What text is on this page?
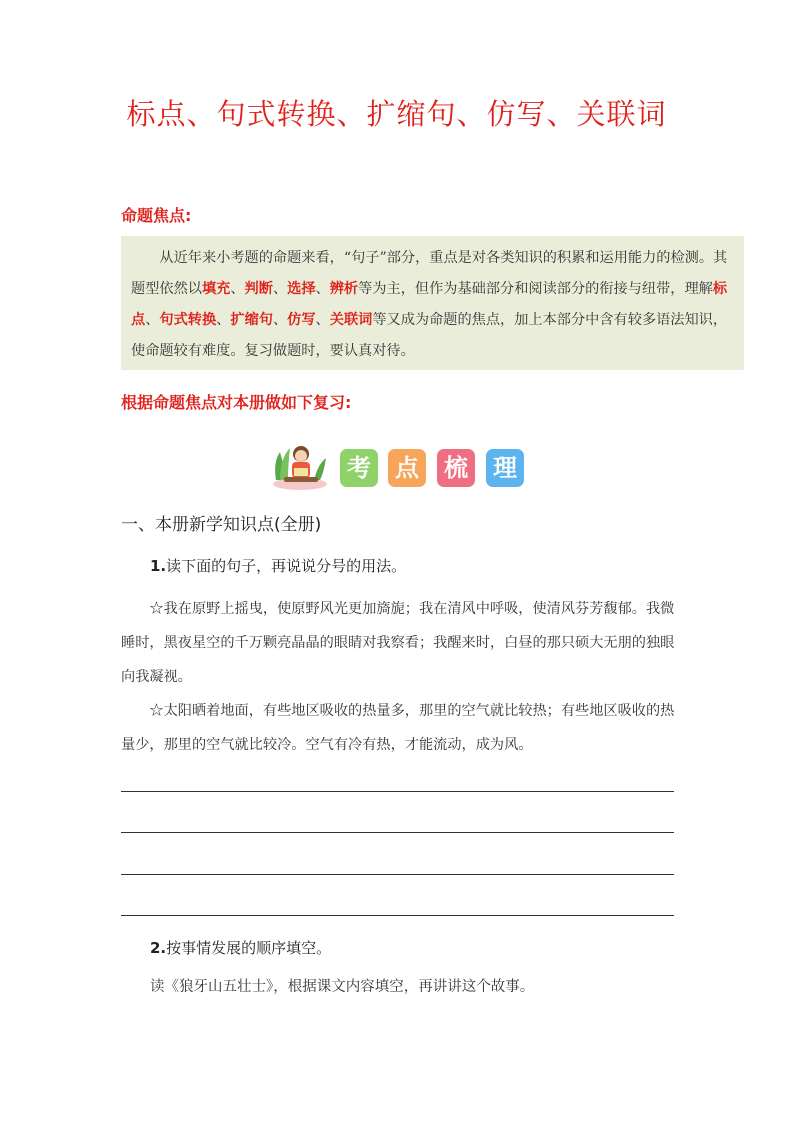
标点、句式转换、扩缩句、仿写、关联词
命题焦点:
从近年来小考题的命题来看，“句子”部分，重点是对各类知识的积累和运用能力的检测。其题型依然以填充、判断、选择、辨析等为主，但作为基础部分和阅读部分的衔接与纽带，理解标点、句式转换、扩缩句、仿写、关联词等又成为命题的焦点，加上本部分中含有较多语法知识，使命题较有难度。复习做题时，要认真对待。
根据命题焦点对本册做如下复习:
考 点 梳 理
一、本册新学知识点(全册)
1.读下面的句子，再说说分号的用法。
☆我在原野上摇曳，使原野风光更加旖旎；我在清风中呼吸，使清风芬芳馥郁。我微睡时，黑夜星空的千万颗亮晶晶的眼睛对我察看；我醒来时，白昼的那只硕大无朋的独眼向我凝视。
☆太阳晒着地面，有些地区吸收的热量多，那里的空气就比较热；有些地区吸收的热量少，那里的空气就比较冷。空气有冷有热，才能流动，成为风。
2.按事情发展的顺序填空。
读《狼牙山五壮士》，根据课文内容填空，再讲讲这个故事。
